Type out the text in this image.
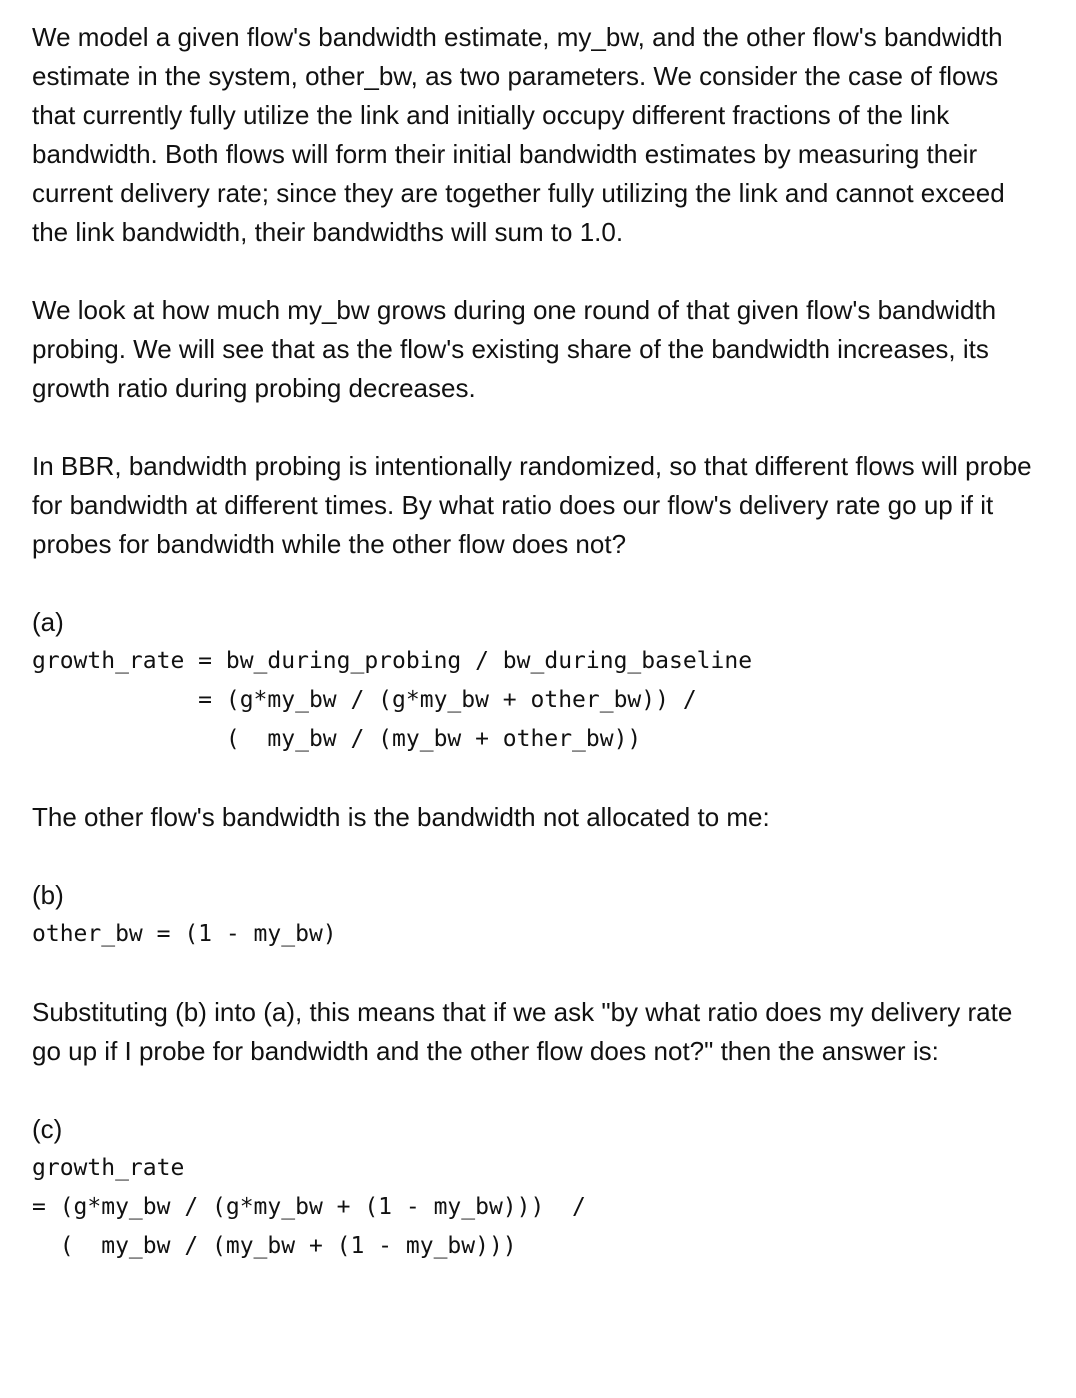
We model a given flow's bandwidth estimate, my_bw, and the other flow's bandwidth estimate in the system, other_bw, as two parameters. We consider the case of flows that currently fully utilize the link and initially occupy different fractions of the link bandwidth. Both flows will form their initial bandwidth estimates by measuring their current delivery rate; since they are together fully utilizing the link and cannot exceed the link bandwidth, their bandwidths will sum to 1.0.

We look at how much my_bw grows during one round of that given flow's bandwidth probing. We will see that as the flow's existing share of the bandwidth increases, its growth ratio during probing decreases.

In BBR, bandwidth probing is intentionally randomized, so that different flows will probe for bandwidth at different times. By what ratio does our flow's delivery rate go up if it probes for bandwidth while the other flow does not?

(a)

growth_rate = bw_during_probing / bw_during_baseline

= (g*my_bw / (g*my_bw + other_bw)) /

(  my_bw / (my_bw + other_bw))

The other flow's bandwidth is the bandwidth not allocated to me:

(b)

other_bw = (1 - my_bw)

Substituting (b) into (a), this means that if we ask "by what ratio does my delivery rate go up if I probe for bandwidth and the other flow does not?" then the answer is:

(c)

growth_rate

= (g*my_bw / (g*my_bw + (1 - my_bw)))  /

(  my_bw / (my_bw + (1 - my_bw)))
